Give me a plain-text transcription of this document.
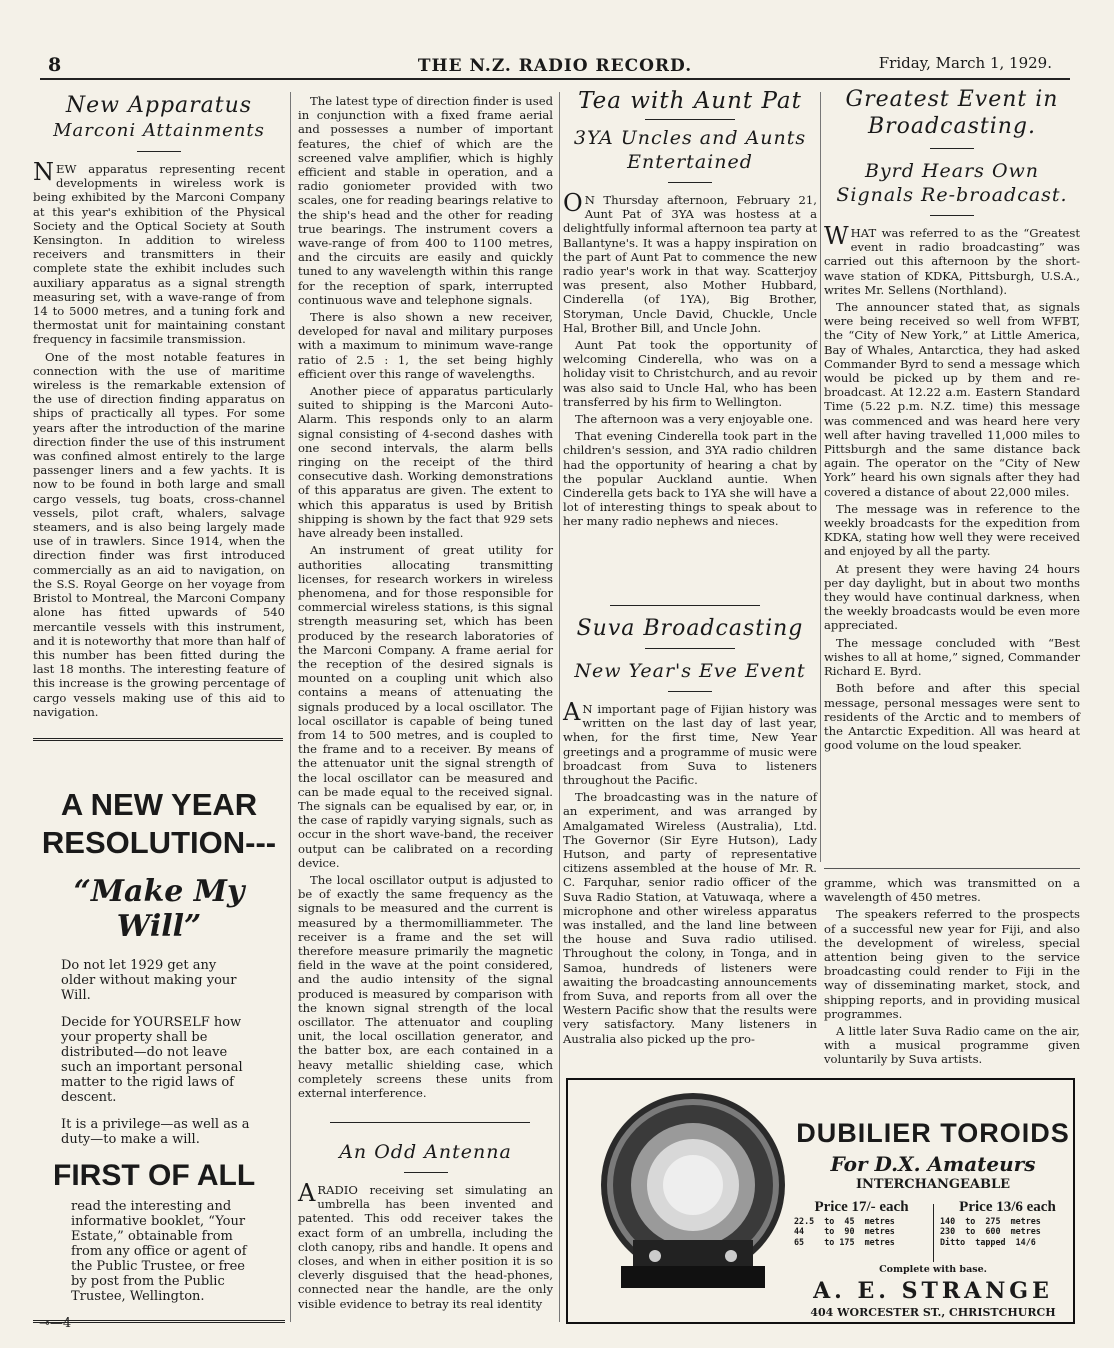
8	THE N.Z. RADIO RECORD.	Friday, March 1, 1929.
New Apparatus
Marconi Attainments

NEW apparatus representing recent developments in wireless work is being exhibited by the Marconi Company at this year's exhibition of the Physical Society and the Optical Society at South Kensington. In addition to wireless receivers and transmitters in their complete state the exhibit includes such auxiliary apparatus as a signal strength measuring set, with a wave-range of from 14 to 5000 metres, and a tuning fork and thermostat unit for maintaining constant frequency in facsimile transmission.

One of the most notable features in connection with the use of maritime wireless is the remarkable extension of the use of direction finding apparatus on ships of practically all types. For some years after the introduction of the marine direction finder the use of this instrument was confined almost entirely to the large passenger liners and a few yachts. It is now to be found in both large and small cargo vessels, tug boats, cross-channel vessels, pilot craft, whalers, salvage steamers, and is also being largely made use of in trawlers. Since 1914, when the direction finder was first introduced commercially as an aid to navigation, on the S.S. Royal George on her voyage from Bristol to Montreal, the Marconi Company alone has fitted upwards of 540 mercantile vessels with this instrument, and it is noteworthy that more than half of this number has been fitted during the last 18 months. The interesting feature of this increase is the growing percentage of cargo vessels making use of this aid to navigation.

A NEW YEAR
RESOLUTION---
“Make My Will”

Do not let 1929 get any older without making your Will.

Decide for YOURSELF how your property shall be distributed—do not leave such an important personal matter to the rigid laws of descent.

It is a privilege—as well as a duty—to make a will.

FIRST OF ALL

read the interesting and informative booklet, “Your Estate,” obtainable from from any office or agent of the Public Trustee, or free by post from the Public Trustee, Wellington.

⊸—4

The latest type of direction finder is used in conjunction with a fixed frame aerial and possesses a number of important features, the chief of which are the screened valve amplifier, which is highly efficient and stable in operation, and a radio goniometer provided with two scales, one for reading bearings relative to the ship's head and the other for reading true bearings. The instrument covers a wave-range of from 400 to 1100 metres, and the circuits are easily and quickly tuned to any wavelength within this range for the reception of spark, interrupted continuous wave and telephone signals.

There is also shown a new receiver, developed for naval and military purposes with a maximum to minimum wave-range ratio of 2.5 : 1, the set being highly efficient over this range of wavelengths.

Another piece of apparatus particularly suited to shipping is the Marconi Auto-Alarm. This responds only to an alarm signal consisting of 4-second dashes with one second intervals, the alarm bells ringing on the receipt of the third consecutive dash. Working demonstrations of this apparatus are given. The extent to which this apparatus is used by British shipping is shown by the fact that 929 sets have already been installed.

An instrument of great utility for authorities allocating transmitting licenses, for research workers in wireless phenomena, and for those responsible for commercial wireless stations, is this signal strength measuring set, which has been produced by the research laboratories of the Marconi Company. A frame aerial for the reception of the desired signals is mounted on a coupling unit which also contains a means of attenuating the signals produced by a local oscillator. The local oscillator is capable of being tuned from 14 to 500 metres, and is coupled to the frame and to a receiver. By means of the attenuator unit the signal strength of the local oscillator can be measured and can be made equal to the received signal. The signals can be equalised by ear, or, in the case of rapidly varying signals, such as occur in the short wave-band, the receiver output can be calibrated on a recording device.

The local oscillator output is adjusted to be of exactly the same frequency as the signals to be measured and the current is measured by a thermomilliammeter. The receiver is a frame and the set will therefore measure primarily the magnetic field in the wave at the point considered, and the audio intensity of the signal produced is measured by comparison with the known signal strength of the local oscillator. The attenuator and coupling unit, the local oscillation generator, and the batter box, are each contained in a heavy metallic shielding case, which completely screens these units from external interference.

An Odd Antenna

ARADIO receiving set simulating an umbrella has been invented and patented. This odd receiver takes the exact form of an umbrella, including the cloth canopy, ribs and handle. It opens and closes, and when in either position it is so cleverly disguised that the head-phones, connected near the handle, are the only visible evidence to betray its real identity

Tea with Aunt Pat
3YA Uncles and Aunts
Entertained

ON Thursday afternoon, February 21, Aunt Pat of 3YA was hostess at a delightfully informal afternoon tea party at Ballantyne's. It was a happy inspiration on the part of Aunt Pat to commence the new radio year's work in that way. Scatterjoy was present, also Mother Hubbard, Cinderella (of 1YA), Big Brother, Storyman, Uncle David, Chuckle, Uncle Hal, Brother Bill, and Uncle John.

Aunt Pat took the opportunity of welcoming Cinderella, who was on a holiday visit to Christchurch, and au revoir was also said to Uncle Hal, who has been transferred by his firm to Wellington.

The afternoon was a very enjoyable one.

That evening Cinderella took part in the children's session, and 3YA radio children had the opportunity of hearing a chat by the popular Auckland auntie. When Cinderella gets back to 1YA she will have a lot of interesting things to speak about to her many radio nephews and nieces.

Suva Broadcasting
New Year's Eve Event

AN important page of Fijian history was written on the last day of last year, when, for the first time, New Year greetings and a programme of music were broadcast from Suva to listeners throughout the Pacific.

The broadcasting was in the nature of an experiment, and was arranged by Amalgamated Wireless (Australia), Ltd. The Governor (Sir Eyre Hutson), Lady Hutson, and party of representative citizens assembled at the house of Mr. R. C. Farquhar, senior radio officer of the Suva Radio Station, at Vatuwaqa, where a microphone and other wireless apparatus was installed, and the land line between the house and Suva radio utilised. Throughout the colony, in Tonga, and in Samoa, hundreds of listeners were awaiting the broadcasting announcements from Suva, and reports from all over the Western Pacific show that the results were very satisfactory. Many listeners in Australia also picked up the pro-

Greatest Event in Broadcasting.
Byrd Hears Own Signals Re-broadcast.

WHAT was referred to as the “Greatest event in radio broadcasting” was carried out this afternoon by the short-wave station of KDKA, Pittsburgh, U.S.A., writes Mr. Sellens (Northland).

The announcer stated that, as signals were being received so well from WFBT, the “City of New York,” at Little America, Bay of Whales, Antarctica, they had asked Commander Byrd to send a message which would be picked up by them and re-broadcast. At 12.22 a.m. Eastern Standard Time (5.22 p.m. N.Z. time) this message was commenced and was heard here very well after having travelled 11,000 miles to Pittsburgh and the same distance back again. The operator on the “City of New York” heard his own signals after they had covered a distance of about 22,000 miles.

The message was in reference to the weekly broadcasts for the expedition from KDKA, stating how well they were received and enjoyed by all the party.

At present they were having 24 hours per day daylight, but in about two months they would have continual darkness, when the weekly broadcasts would be even more appreciated.

The message concluded with “Best wishes to all at home,” signed, Commander Richard E. Byrd.

Both before and after this special message, personal messages were sent to residents of the Arctic and to members of the Antarctic Expedition. All was heard at good volume on the loud speaker.

gramme, which was transmitted on a wavelength of 450 metres.

The speakers referred to the prospects of a successful new year for Fiji, and also the development of wireless, special attention being given to the service broadcasting could render to Fiji in the way of disseminating market, stock, and shipping reports, and in providing musical programmes.

A little later Suva Radio came on the air, with a musical programme given voluntarily by Suva artists.

DUBILIER TOROIDS
For D.X. Amateurs
INTERCHANGEABLE
Price 17/- each
22.5  to  45  metres
44    to  90  metres
65    to 175  metres
Price 13/6 each
140  to  275  metres
230  to  600  metres
Ditto  tapped  14/6
Complete with base.
A. E. STRANGE
404 WORCESTER ST., CHRISTCHURCH
